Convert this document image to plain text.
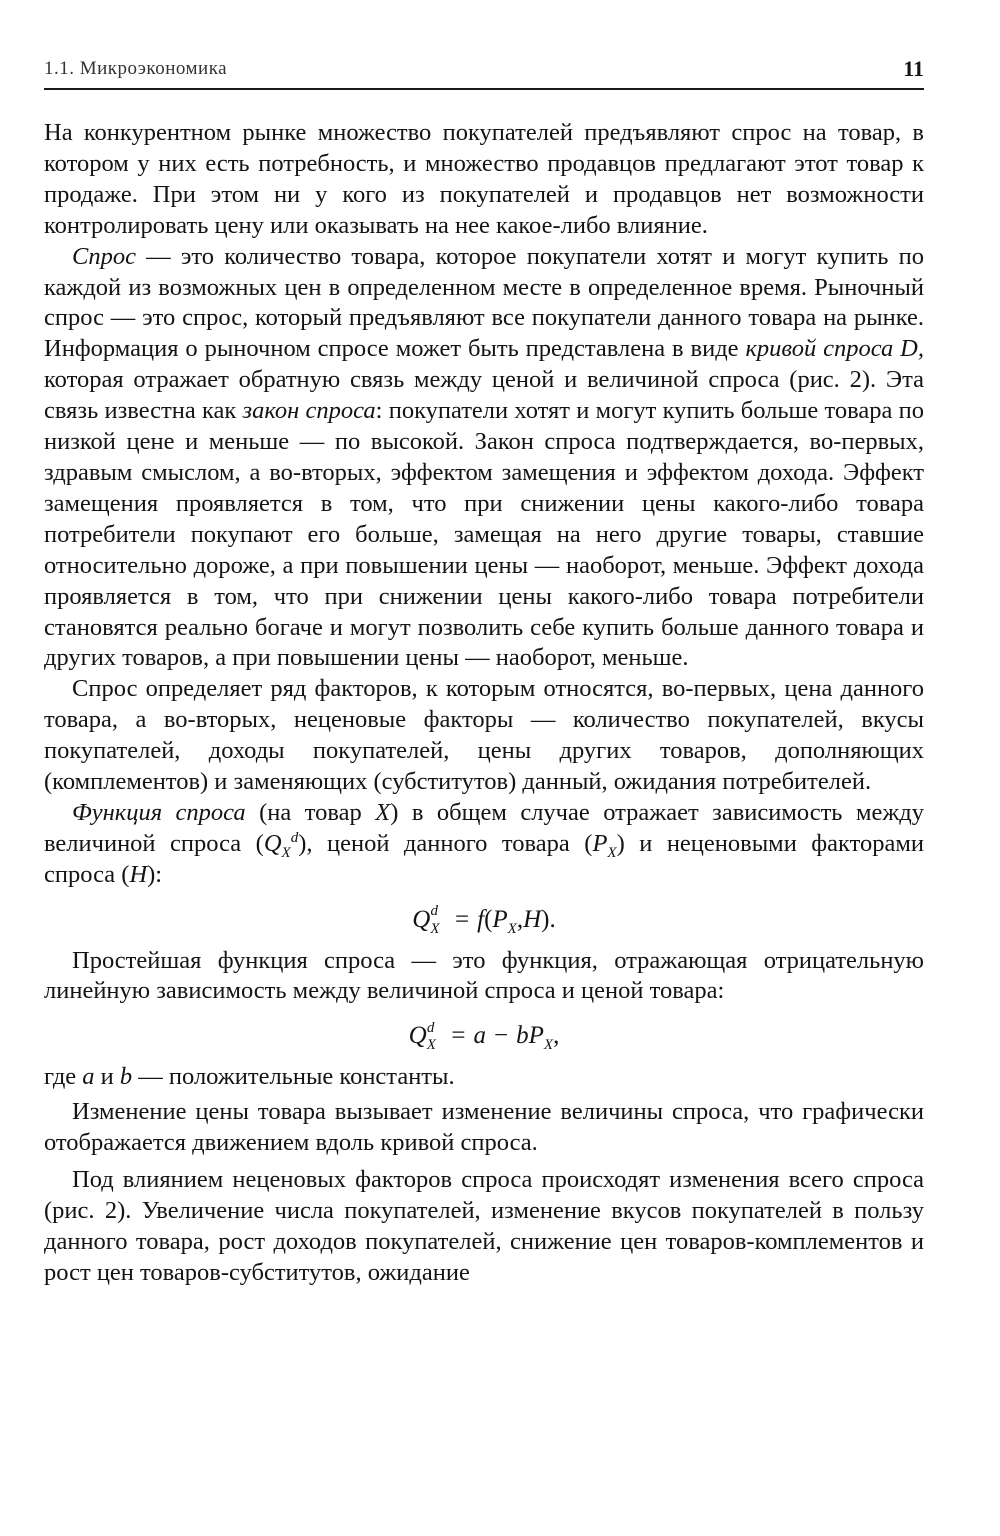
1.1. Микроэкономика	11

На конкурентном рынке множество покупателей предъявляют спрос на товар, в котором у них есть потребность, и множество продавцов предлагают этот товар к продаже. При этом ни у кого из покупателей и продавцов нет возможности контролировать цену или оказывать на нее какое-либо влияние.

Спрос — это количество товара, которое покупатели хотят и могут купить по каждой из возможных цен в определенном месте в определенное время. Рыночный спрос — это спрос, который предъявляют все покупатели данного товара на рынке. Информация о рыночном спросе может быть представлена в виде кривой спроса D, которая отражает обратную связь между ценой и величиной спроса (рис. 2). Эта связь известна как закон спроса: покупатели хотят и могут купить больше товара по низкой цене и меньше — по высокой. Закон спроса подтверждается, во-первых, здравым смыслом, а во-вторых, эффектом замещения и эффектом дохода. Эффект замещения проявляется в том, что при снижении цены какого-либо товара потребители покупают его больше, замещая на него другие товары, ставшие относительно дороже, а при повышении цены — наоборот, меньше. Эффект дохода проявляется в том, что при снижении цены какого-либо товара потребители становятся реально богаче и могут позволить себе купить больше данного товара и других товаров, а при повышении цены — наоборот, меньше.

Спрос определяет ряд факторов, к которым относятся, во-первых, цена данного товара, а во-вторых, неценовые факторы — количество покупателей, вкусы покупателей, доходы покупателей, цены других товаров, дополняющих (комплементов) и заменяющих (субститутов) данный, ожидания потребителей.

Функция спроса (на товар X) в общем случае отражает зависимость между величиной спроса $(Q_X^d)$, ценой данного товара $(P_X)$ и неценовыми факторами спроса (H):

$Q_X^d = f(P_X,H)$.

Простейшая функция спроса — это функция, отражающая отрицательную линейную зависимость между величиной спроса и ценой товара:

$Q_X^d = a - bP_X$,

где a и b — положительные константы.

Изменение цены товара вызывает изменение величины спроса, что графически отображается движением вдоль кривой спроса.

Под влиянием неценовых факторов спроса происходят изменения всего спроса (рис. 2). Увеличение числа покупателей, изменение вкусов покупателей в пользу данного товара, рост доходов покупателей, снижение цен товаров-комплементов и рост цен товаров-субститутов, ожидание
